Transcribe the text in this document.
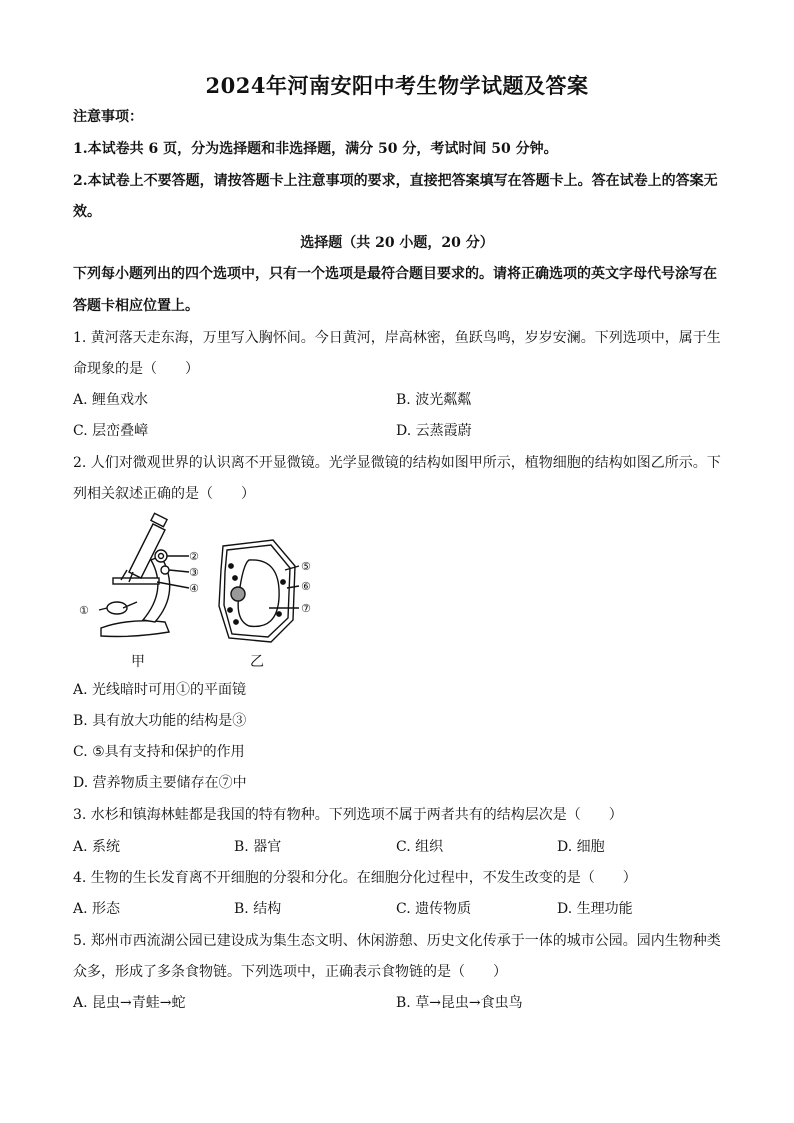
2024年河南安阳中考生物学试题及答案
注意事项：
1.本试卷共 6 页，分为选择题和非选择题，满分 50 分，考试时间 50 分钟。
2.本试卷上不要答题，请按答题卡上注意事项的要求，直接把答案填写在答题卡上。答在试卷上的答案无
效。
选择题（共 20 小题，20 分）
下列每小题列出的四个选项中，只有一个选项是最符合题目要求的。请将正确选项的英文字母代号涂写在
答题卡相应位置上。
1. 黄河落天走东海，万里写入胸怀间。今日黄河，岸高林密，鱼跃鸟鸣，岁岁安澜。下列选项中，属于生
命现象的是（　　）
A. 鲤鱼戏水	B. 波光粼粼
C. 层峦叠嶂	D. 云蒸霞蔚
2. 人们对微观世界的认识离不开显微镜。光学显微镜的结构如图甲所示，植物细胞的结构如图乙所示。下
列相关叙述正确的是（　　）
②
③
④
①
⑤
⑥
⑦
甲	乙
A. 光线暗时可用①的平面镜
B. 具有放大功能的结构是③
C. ⑤具有支持和保护的作用
D. 营养物质主要储存在⑦中
3. 水杉和镇海林蛙都是我国的特有物种。下列选项不属于两者共有的结构层次是（　　）
A. 系统	B. 器官	C. 组织	D. 细胞
4. 生物的生长发育离不开细胞的分裂和分化。在细胞分化过程中，不发生改变的是（　　）
A. 形态	B. 结构	C. 遗传物质	D. 生理功能
5. 郑州市西流湖公园已建设成为集生态文明、休闲游憩、历史文化传承于一体的城市公园。园内生物种类
众多，形成了多条食物链。下列选项中，正确表示食物链的是（　　）
A. 昆虫→青蛙→蛇	B. 草→昆虫→食虫鸟
